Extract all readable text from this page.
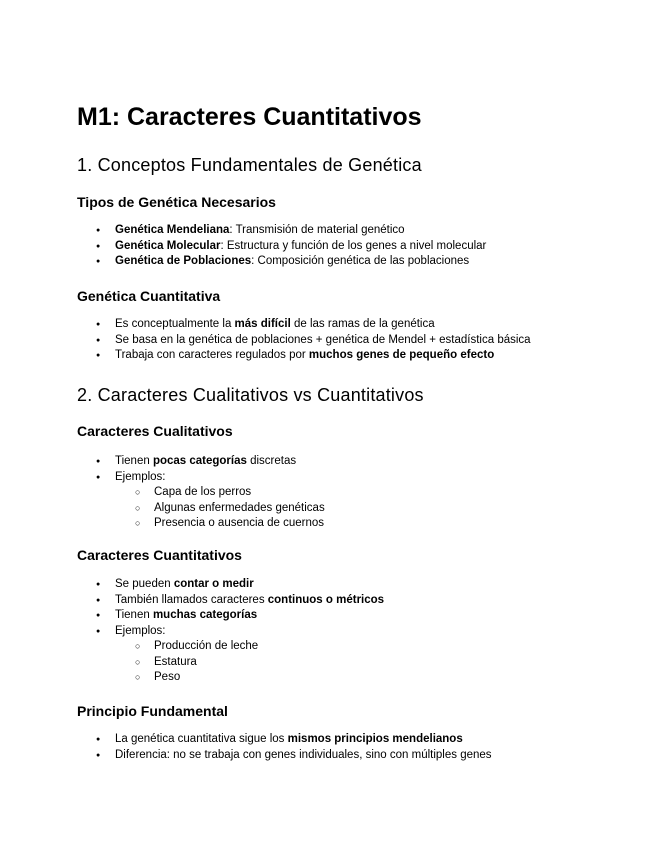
M1: Caracteres Cuantitativos
1. Conceptos Fundamentales de Genética
Tipos de Genética Necesarios
● Genética Mendeliana: Transmisión de material genético
● Genética Molecular: Estructura y función de los genes a nivel molecular
● Genética de Poblaciones: Composición genética de las poblaciones
Genética Cuantitativa
● Es conceptualmente la más difícil de las ramas de la genética
● Se basa en la genética de poblaciones + genética de Mendel + estadística básica
● Trabaja con caracteres regulados por muchos genes de pequeño efecto
2. Caracteres Cualitativos vs Cuantitativos
Caracteres Cualitativos
● Tienen pocas categorías discretas
● Ejemplos:
○ Capa de los perros
○ Algunas enfermedades genéticas
○ Presencia o ausencia de cuernos
Caracteres Cuantitativos
● Se pueden contar o medir
● También llamados caracteres continuos o métricos
● Tienen muchas categorías
● Ejemplos:
○ Producción de leche
○ Estatura
○ Peso
Principio Fundamental
● La genética cuantitativa sigue los mismos principios mendelianos
● Diferencia: no se trabaja con genes individuales, sino con múltiples genes
